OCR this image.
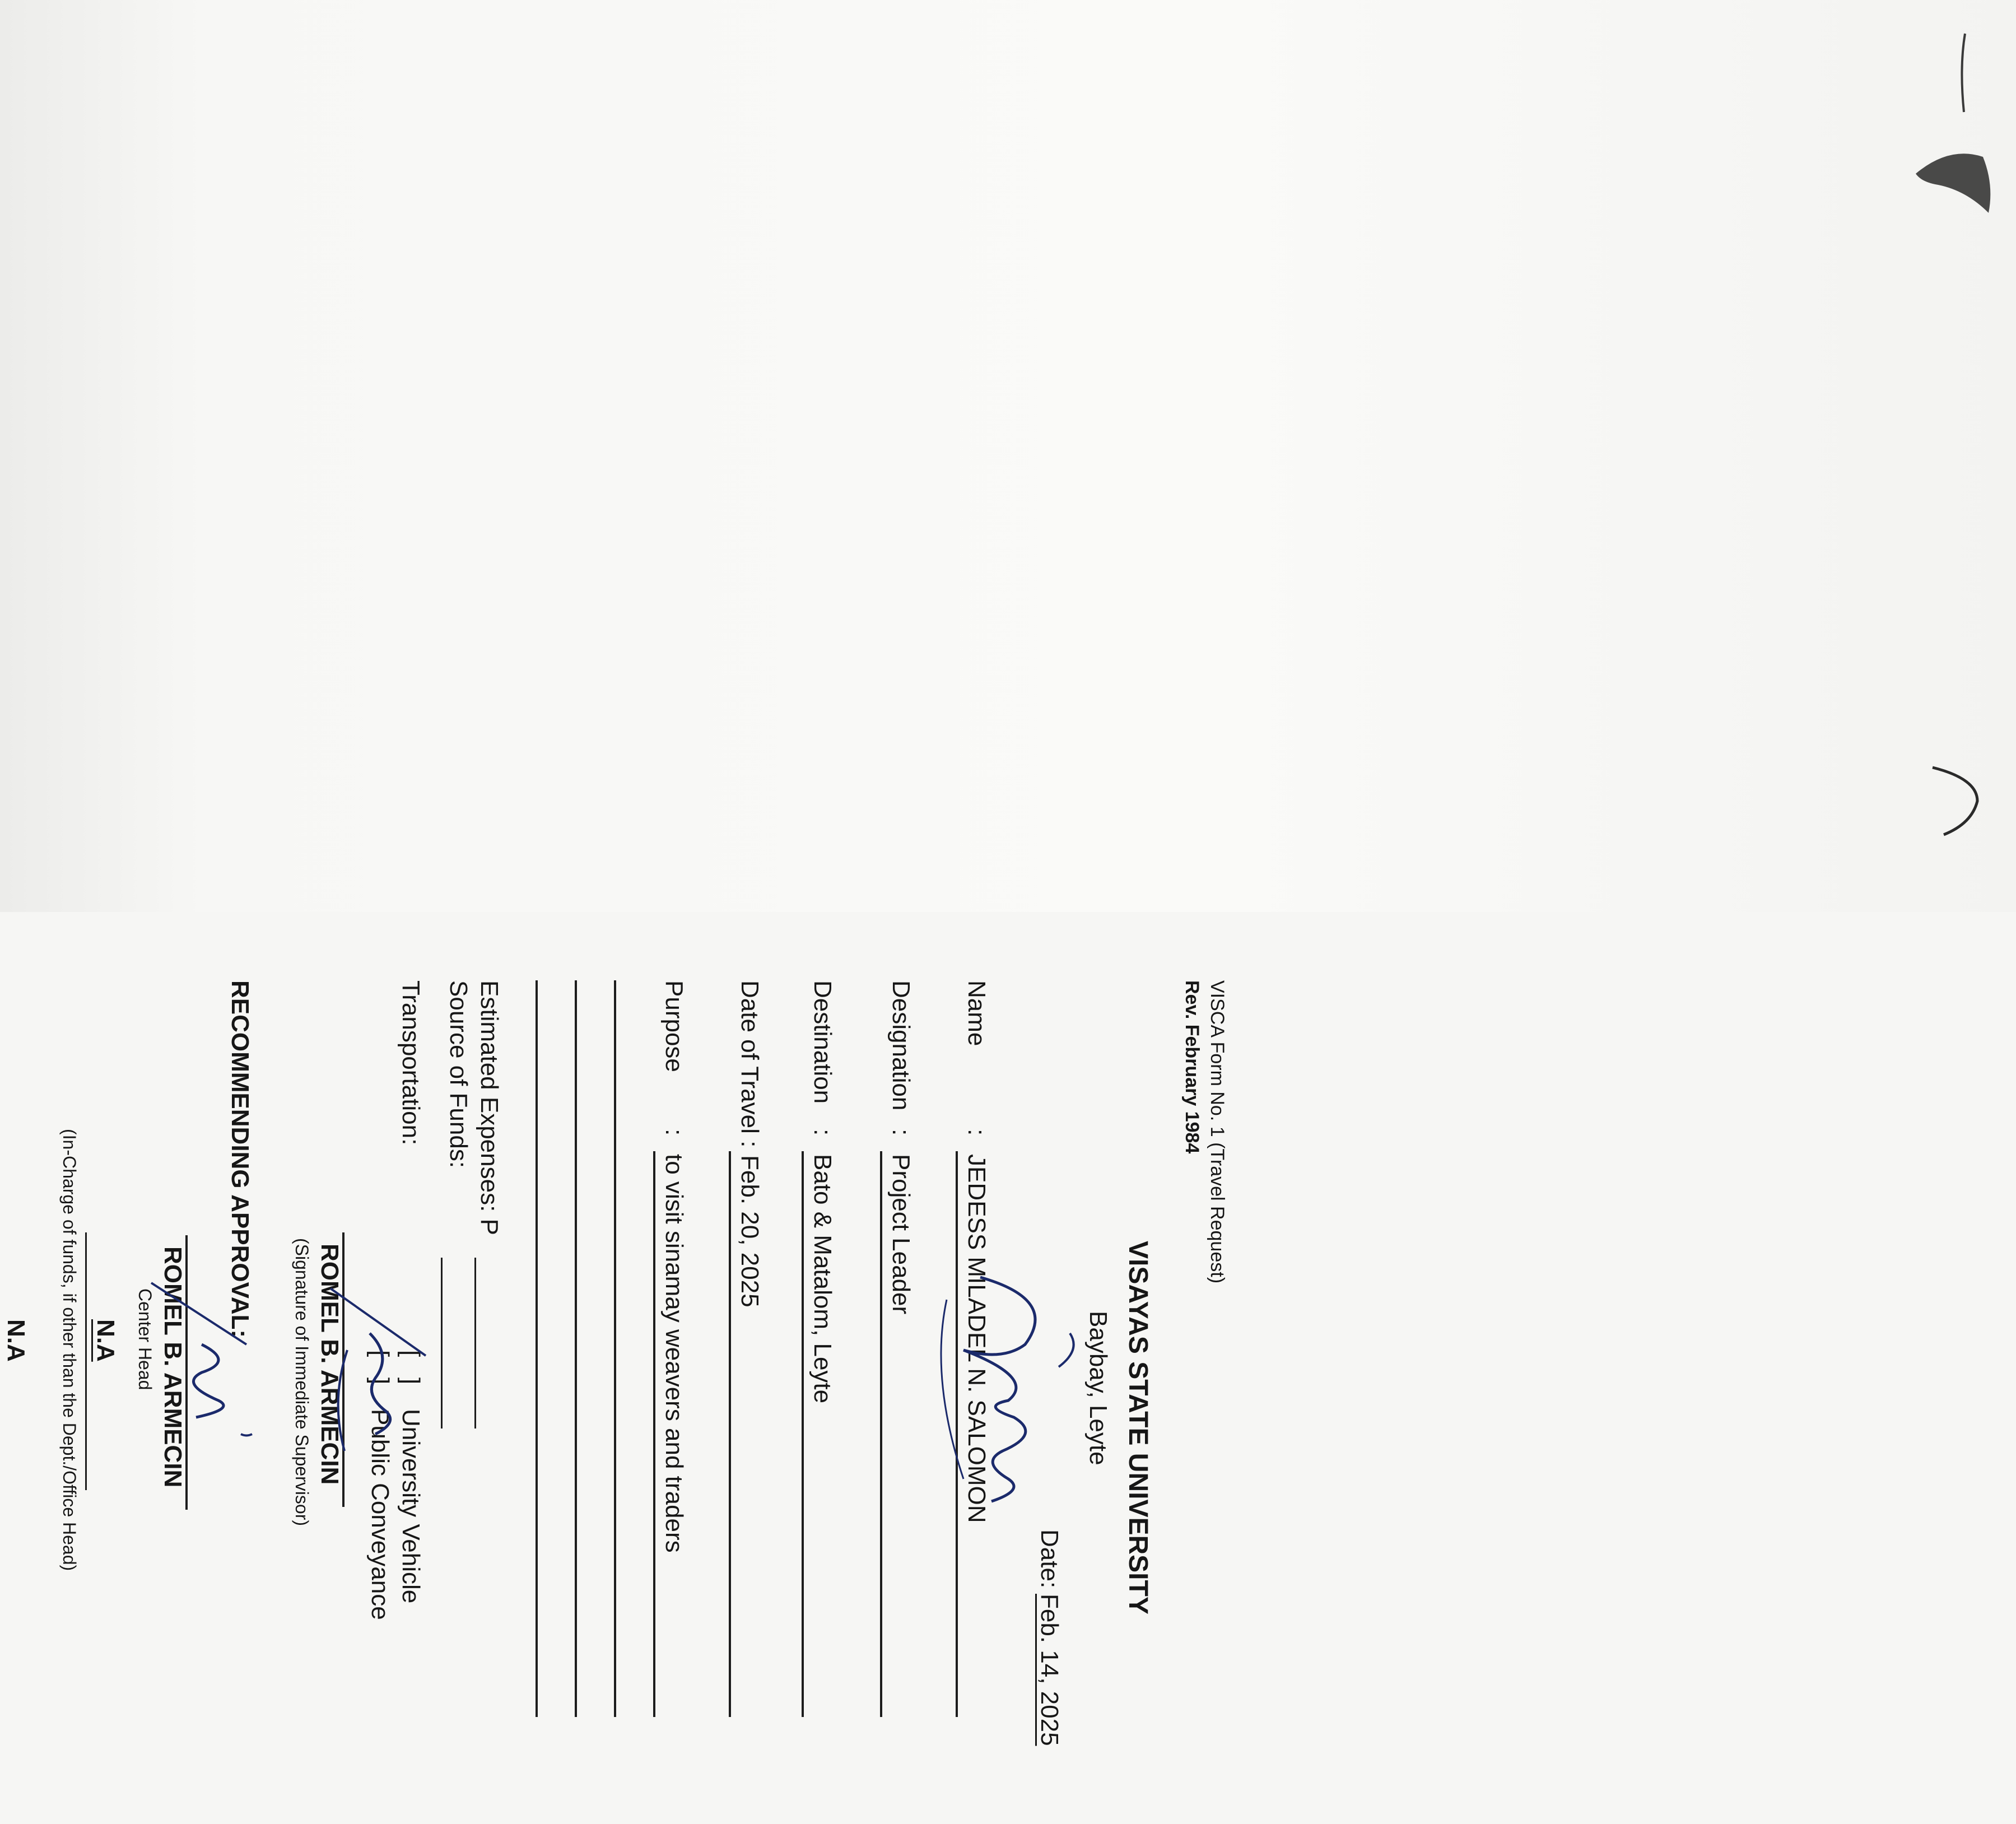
VISCA Form No. 1 (Travel Request)
Rev. February 1984
VISAYAS STATE UNIVERSITY
Baybay, Leyte
Date:
Feb. 14, 2025
Name
:
JEDESS MILADEL N. SALOMON
Designation
:
Project Leader
Destination
:
Bato & Matalom, Leyte
Date of Travel :
Feb. 20, 2025
Purpose
:
to visit sinamay weavers and traders
Estimated Expenses: P
Source of Funds:
Transportation:
[   ]
University Vehicle
[   ]
Public Conveyance
ROMEL B. ARMECIN
(Signature of Immediate Supervisor)
RECOMMENDING APPROVAL:
ROMEL B. ARMECIN
Center Head
N.A
(In-Charge of funds, if other than the Dept./Office Head)
N.A
